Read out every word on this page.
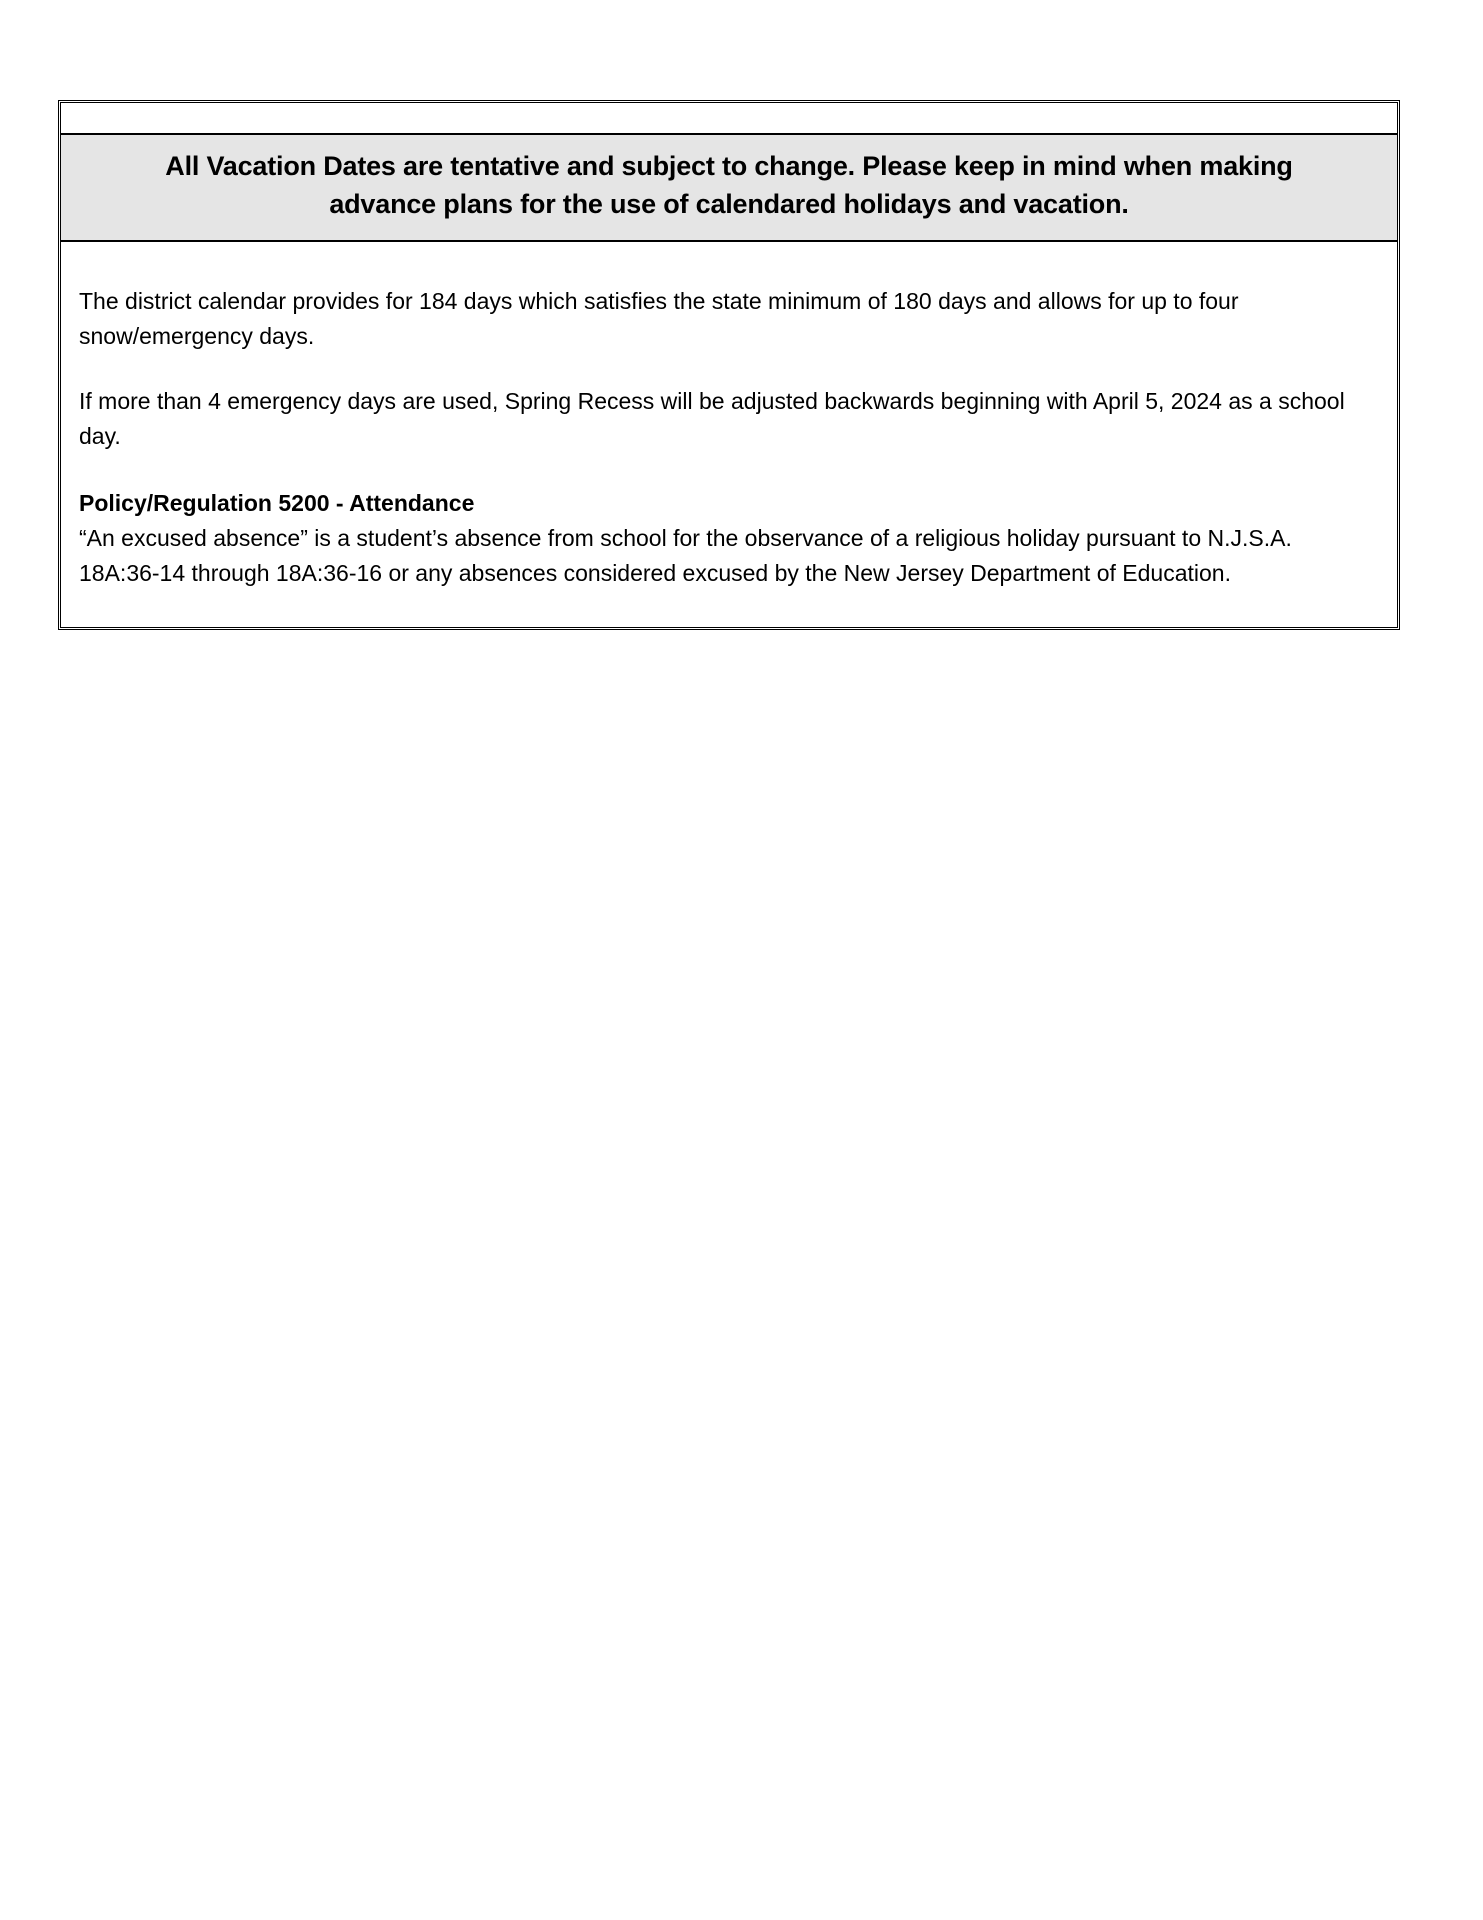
All Vacation Dates are tentative and subject to change. Please keep in mind when making
advance plans for the use of calendared holidays and vacation.

The district calendar provides for 184 days which satisfies the state minimum of 180 days and allows for up to four snow/emergency days.

If more than 4 emergency days are used, Spring Recess will be adjusted backwards beginning with April 5, 2024 as a school day.

Policy/Regulation 5200 - Attendance

“An excused absence” is a student’s absence from school for the observance of a religious holiday pursuant to N.J.S.A. 18A:36-14 through 18A:36-16 or any absences considered excused by the New Jersey Department of Education.
